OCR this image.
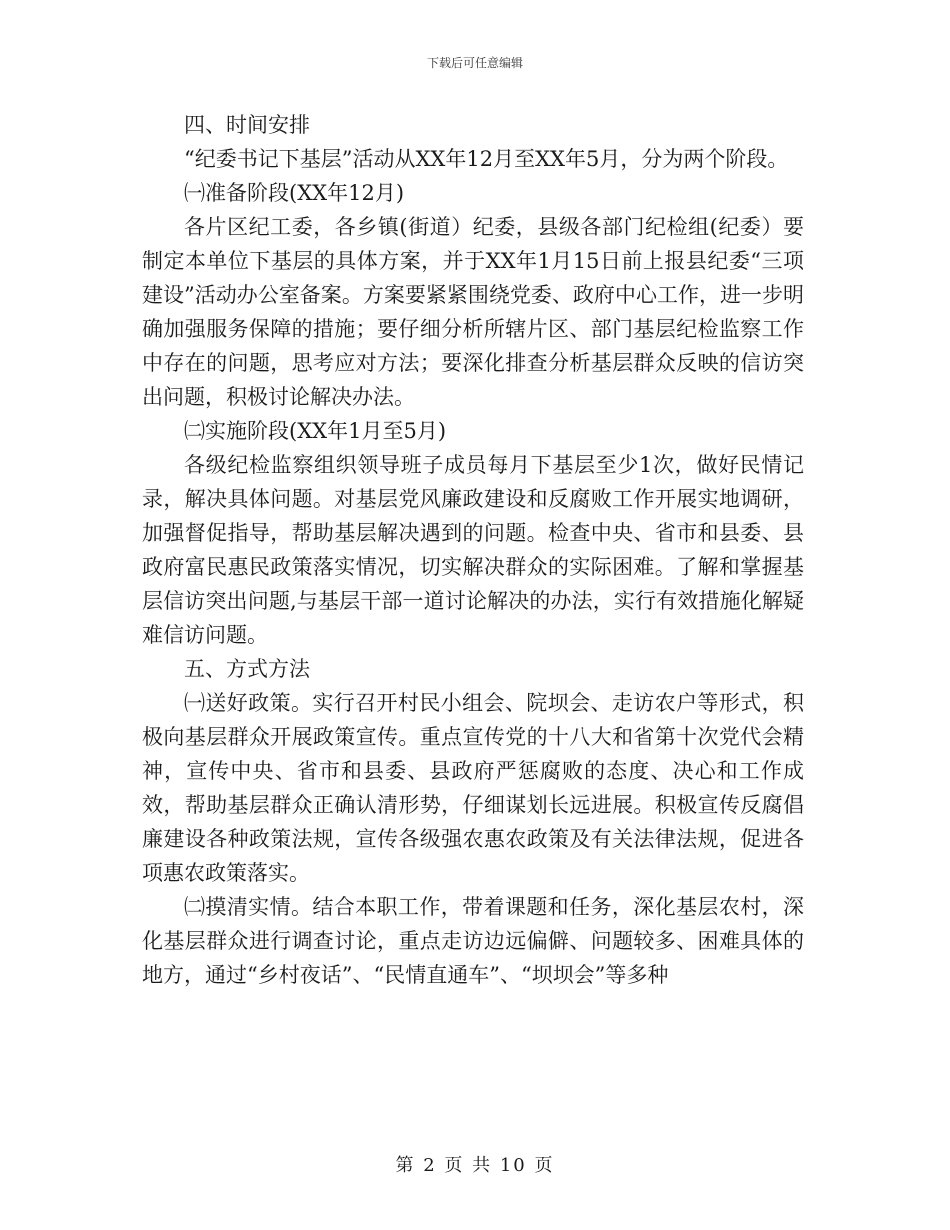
下载后可任意编辑

四、时间安排

“纪委书记下基层”活动从XX年12月至XX年5月，分为两个阶段。

㈠准备阶段(XX年12月)

各片区纪工委，各乡镇(街道）纪委，县级各部门纪检组(纪委）要制定本单位下基层的具体方案，并于XX年1月15日前上报县纪委“三项建设”活动办公室备案。方案要紧紧围绕党委、政府中心工作，进一步明确加强服务保障的措施；要仔细分析所辖片区、部门基层纪检监察工作中存在的问题，思考应对方法；要深化排查分析基层群众反映的信访突出问题，积极讨论解决办法。

㈡实施阶段(XX年1月至5月)

各级纪检监察组织领导班子成员每月下基层至少1次，做好民情记录，解决具体问题。对基层党风廉政建设和反腐败工作开展实地调研，加强督促指导，帮助基层解决遇到的问题。检查中央、省市和县委、县政府富民惠民政策落实情况，切实解决群众的实际困难。了解和掌握基层信访突出问题,与基层干部一道讨论解决的办法，实行有效措施化解疑难信访问题。

五、方式方法

㈠送好政策。实行召开村民小组会、院坝会、走访农户等形式，积极向基层群众开展政策宣传。重点宣传党的十八大和省第十次党代会精神，宣传中央、省市和县委、县政府严惩腐败的态度、决心和工作成效，帮助基层群众正确认清形势，仔细谋划长远进展。积极宣传反腐倡廉建设各种政策法规，宣传各级强农惠农政策及有关法律法规，促进各项惠农政策落实。

㈡摸清实情。结合本职工作，带着课题和任务，深化基层农村，深化基层群众进行调查讨论，重点走访边远偏僻、问题较多、困难具体的地方，通过“乡村夜话”、“民情直通车”、“坝坝会”等多种

第 2 页 共 10 页
